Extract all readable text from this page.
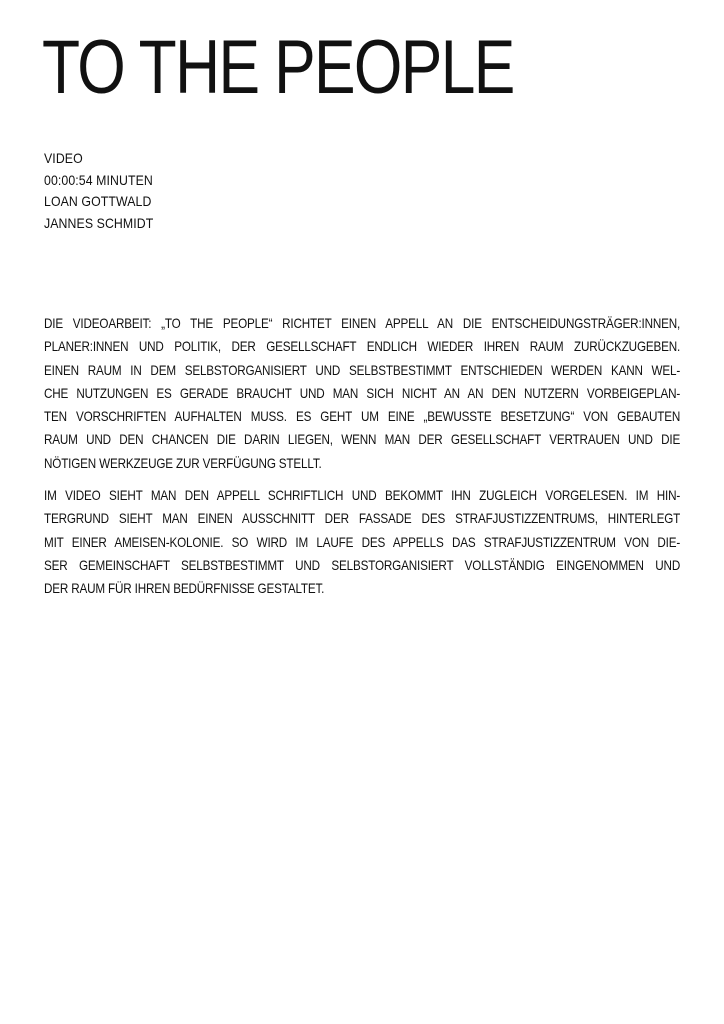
TO THE PEOPLE
VIDEO
00:00:54 MINUTEN
LOAN GOTTWALD
JANNES SCHMIDT
DIE VIDEOARBEIT: „TO THE PEOPLE“ RICHTET EINEN APPELL AN DIE ENTSCHEIDUNGSTRÄGER:INNEN,
PLANER:INNEN UND POLITIK, DER GESELLSCHAFT ENDLICH WIEDER IHREN RAUM ZURÜCKZUGEBEN.
EINEN RAUM IN DEM SELBSTORGANISIERT UND SELBSTBESTIMMT ENTSCHIEDEN WERDEN KANN WEL-
CHE NUTZUNGEN ES GERADE BRAUCHT UND MAN SICH NICHT AN AN DEN NUTZERN VORBEIGEPLAN-
TEN VORSCHRIFTEN AUFHALTEN MUSS. ES GEHT UM EINE „BEWUSSTE BESETZUNG“ VON GEBAUTEN
RAUM UND DEN CHANCEN DIE DARIN LIEGEN, WENN MAN DER GESELLSCHAFT VERTRAUEN UND DIE
NÖTIGEN WERKZEUGE ZUR VERFÜGUNG STELLT.
IM VIDEO SIEHT MAN DEN APPELL SCHRIFTLICH UND BEKOMMT IHN ZUGLEICH VORGELESEN. IM HIN-
TERGRUND SIEHT MAN EINEN AUSSCHNITT DER FASSADE DES STRAFJUSTIZZENTRUMS, HINTERLEGT
MIT EINER AMEISEN-KOLONIE. SO WIRD IM LAUFE DES APPELLS DAS STRAFJUSTIZZENTRUM VON DIE-
SER GEMEINSCHAFT SELBSTBESTIMMT UND SELBSTORGANISIERT VOLLSTÄNDIG EINGENOMMEN UND
DER RAUM FÜR IHREN BEDÜRFNISSE GESTALTET.
